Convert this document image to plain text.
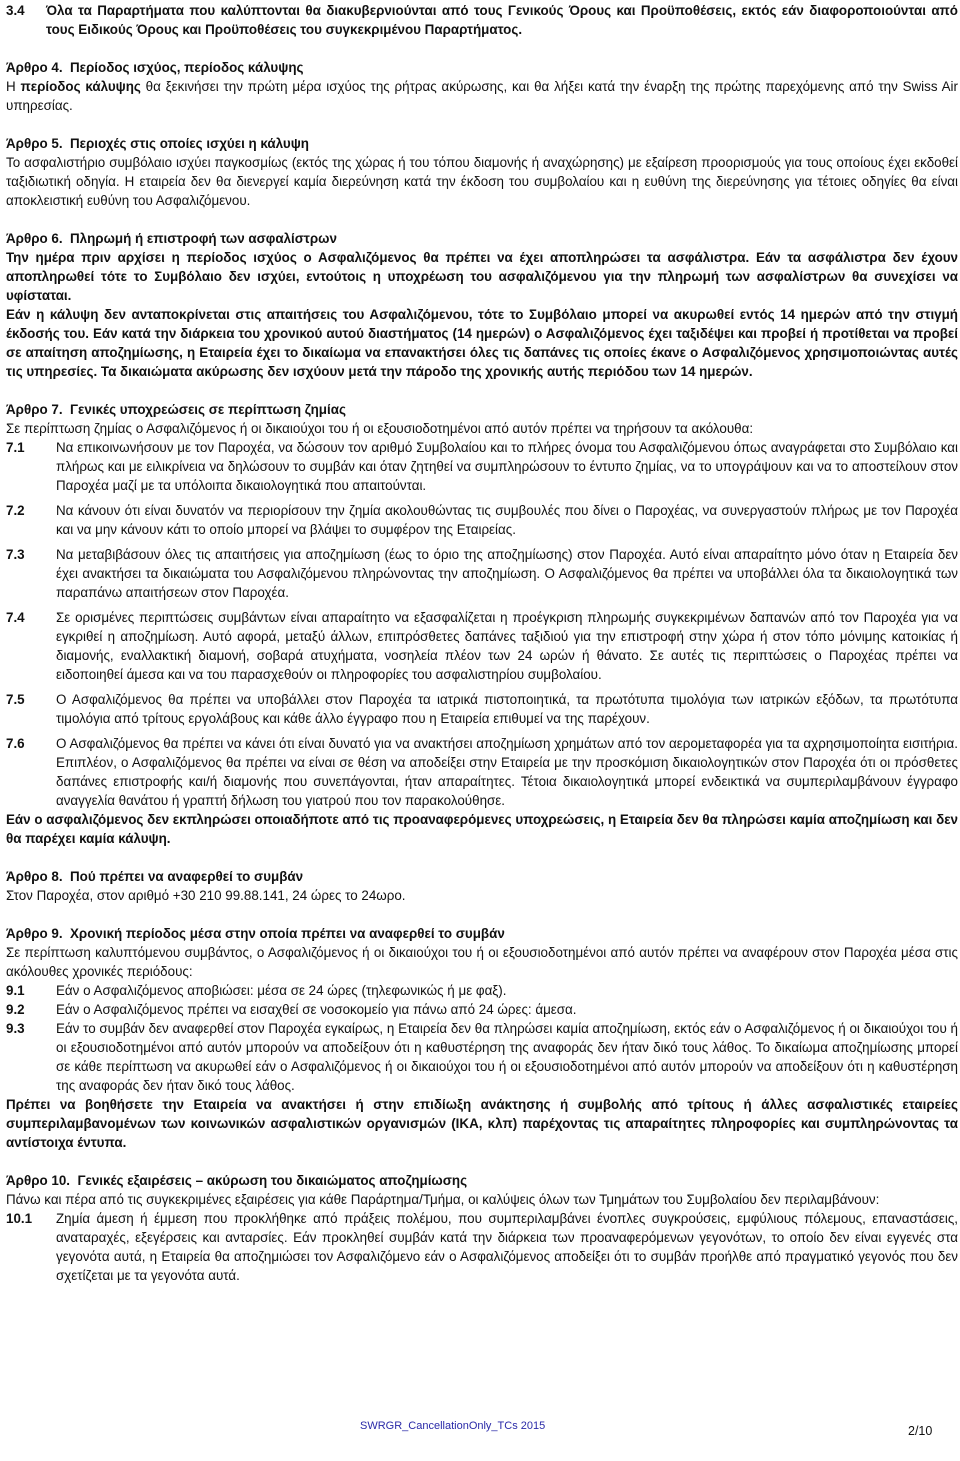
3.4	Όλα τα Παραρτήματα που καλύπτονται θα διακυβερνιούνται από τους Γενικούς Όρους και Προϋποθέσεις, εκτός εάν διαφοροποιούνται από τους Ειδικούς Όρους και Προϋποθέσεις του συγκεκριμένου Παραρτήματος.

Άρθρο 4. Περίοδος ισχύος, περίοδος κάλυψης

Η περίοδος κάλυψης θα ξεκινήσει την πρώτη μέρα ισχύος της ρήτρας ακύρωσης, και θα λήξει κατά την έναρξη της πρώτης παρεχόμενης από την Swiss Air υπηρεσίας.

Άρθρο 5. Περιοχές στις οποίες ισχύει η κάλυψη

Το ασφαλιστήριο συμβόλαιο ισχύει παγκοσμίως (εκτός της χώρας ή του τόπου διαμονής ή αναχώρησης) με εξαίρεση προορισμούς για τους οποίους έχει εκδοθεί ταξιδιωτική οδηγία. Η εταιρεία δεν θα διενεργεί καμία διερεύνηση κατά την έκδοση του συμβολαίου και η ευθύνη της διερεύνησης για τέτοιες οδηγίες θα είναι αποκλειστική ευθύνη του Ασφαλιζόμενου.

Άρθρο 6. Πληρωμή ή επιστροφή των ασφαλίστρων

Την ημέρα πριν αρχίσει η περίοδος ισχύος ο Ασφαλιζόμενος θα πρέπει να έχει αποπληρώσει τα ασφάλιστρα. Εάν τα ασφάλιστρα δεν έχουν αποπληρωθεί τότε το Συμβόλαιο δεν ισχύει, εντούτοις η υποχρέωση του ασφαλιζόμενου για την πληρωμή των ασφαλίστρων θα συνεχίσει να υφίσταται.

Εάν η κάλυψη δεν ανταποκρίνεται στις απαιτήσεις του Ασφαλιζόμενου, τότε το Συμβόλαιο μπορεί να ακυρωθεί εντός 14 ημερών από την στιγμή έκδοσής του. Εάν κατά την διάρκεια του χρονικού αυτού διαστήματος (14 ημερών) ο Ασφαλιζόμενος έχει ταξιδέψει και προβεί ή προτίθεται να προβεί σε απαίτηση αποζημίωσης, η Εταιρεία έχει το δικαίωμα να επανακτήσει όλες τις δαπάνες τις οποίες έκανε ο Ασφαλιζόμενος χρησιμοποιώντας αυτές τις υπηρεσίες. Τα δικαιώματα ακύρωσης δεν ισχύουν μετά την πάροδο της χρονικής αυτής περιόδου των 14 ημερών.

Άρθρο 7. Γενικές υποχρεώσεις σε περίπτωση ζημίας

Σε περίπτωση ζημίας ο Ασφαλιζόμενος ή οι δικαιούχοι του ή οι εξουσιοδοτημένοι από αυτόν πρέπει να τηρήσουν τα ακόλουθα:

7.1	Να επικοινωνήσουν με τον Παροχέα, να δώσουν τον αριθμό Συμβολαίου και το πλήρες όνομα του Ασφαλιζόμενου όπως αναγράφεται στο Συμβόλαιο και πλήρως και με ειλικρίνεια να δηλώσουν το συμβάν και όταν ζητηθεί να συμπληρώσουν το έντυπο ζημίας, να το υπογράψουν και να το αποστείλουν στον Παροχέα μαζί με τα υπόλοιπα δικαιολογητικά που απαιτούνται.
7.2	Να κάνουν ότι είναι δυνατόν να περιορίσουν την ζημία ακολουθώντας τις συμβουλές που δίνει ο Παροχέας, να συνεργαστούν πλήρως με τον Παροχέα και να μην κάνουν κάτι το οποίο μπορεί να βλάψει το συμφέρον της Εταιρείας.
7.3	Να μεταβιβάσουν όλες τις απαιτήσεις για αποζημίωση (έως το όριο της αποζημίωσης) στον Παροχέα. Αυτό είναι απαραίτητο μόνο όταν η Εταιρεία δεν έχει ανακτήσει τα δικαιώματα του Ασφαλιζόμενου πληρώνοντας την αποζημίωση. Ο Ασφαλιζόμενος θα πρέπει να υποβάλλει όλα τα δικαιολογητικά των παραπάνω απαιτήσεων στον Παροχέα.
7.4	Σε ορισμένες περιπτώσεις συμβάντων είναι απαραίτητο να εξασφαλίζεται η προέγκριση πληρωμής συγκεκριμένων δαπανών από τον Παροχέα για να εγκριθεί η αποζημίωση. Αυτό αφορά, μεταξύ άλλων, επιπρόσθετες δαπάνες ταξιδιού για την επιστροφή στην χώρα ή στον τόπο μόνιμης κατοικίας ή διαμονής, εναλλακτική διαμονή, σοβαρά ατυχήματα, νοσηλεία πλέον των 24 ωρών ή θάνατο. Σε αυτές τις περιπτώσεις ο Παροχέας πρέπει να ειδοποιηθεί άμεσα και να του παρασχεθούν οι πληροφορίες του ασφαλιστηρίου συμβολαίου.
7.5	Ο Ασφαλιζόμενος θα πρέπει να υποβάλλει στον Παροχέα τα ιατρικά πιστοποιητικά, τα πρωτότυπα τιμολόγια των ιατρικών εξόδων, τα πρωτότυπα τιμολόγια από τρίτους εργολάβους και κάθε άλλο έγγραφο που η Εταιρεία επιθυμεί να της παρέχουν.
7.6	Ο Ασφαλιζόμενος θα πρέπει να κάνει ότι είναι δυνατό για να ανακτήσει αποζημίωση χρημάτων από τον αερομεταφορέα για τα αχρησιμοποίητα εισιτήρια. Επιπλέον, ο Ασφαλιζόμενος θα πρέπει να είναι σε θέση να αποδείξει στην Εταιρεία με την προσκόμιση δικαιολογητικών στον Παροχέα ότι οι πρόσθετες δαπάνες επιστροφής και/ή διαμονής που συνεπάγονται, ήταν απαραίτητες. Τέτοια δικαιολογητικά μπορεί ενδεικτικά να συμπεριλαμβάνουν έγγραφο αναγγελία θανάτου ή γραπτή δήλωση του γιατρού που τον παρακολούθησε.

Εάν ο ασφαλιζόμενος δεν εκπληρώσει οποιαδήποτε από τις προαναφερόμενες υποχρεώσεις, η Εταιρεία δεν θα πληρώσει καμία αποζημίωση και δεν θα παρέχει καμία κάλυψη.

Άρθρο 8. Πού πρέπει να αναφερθεί το συμβάν

Στον Παροχέα, στον αριθμό +30 210 99.88.141, 24 ώρες το 24ωρο.

Άρθρο 9. Χρονική περίοδος μέσα στην οποία πρέπει να αναφερθεί το συμβάν

Σε περίπτωση καλυπτόμενου συμβάντος, ο Ασφαλιζόμενος ή οι δικαιούχοι του ή οι εξουσιοδοτημένοι από αυτόν πρέπει να αναφέρουν στον Παροχέα μέσα στις ακόλουθες χρονικές περιόδους:

9.1	Εάν ο Ασφαλιζόμενος αποβιώσει: μέσα σε 24 ώρες (τηλεφωνικώς ή με φαξ).
9.2	Εάν ο Ασφαλιζόμενος πρέπει να εισαχθεί σε νοσοκομείο για πάνω από 24 ώρες: άμεσα.
9.3	Εάν το συμβάν δεν αναφερθεί στον Παροχέα εγκαίρως, η Εταιρεία δεν θα πληρώσει καμία αποζημίωση, εκτός εάν ο Ασφαλιζόμενος ή οι δικαιούχοι του ή οι εξουσιοδοτημένοι από αυτόν μπορούν να αποδείξουν ότι η καθυστέρηση της αναφοράς δεν ήταν δικό τους λάθος. Το δικαίωμα αποζημίωσης μπορεί σε κάθε περίπτωση να ακυρωθεί εάν ο Ασφαλιζόμενος ή οι δικαιούχοι του ή οι εξουσιοδοτημένοι από αυτόν μπορούν να αποδείξουν ότι η καθυστέρηση της αναφοράς δεν ήταν δικό τους λάθος.

Πρέπει να βοηθήσετε την Εταιρεία να ανακτήσει ή στην επιδίωξη ανάκτησης ή συμβολής από τρίτους ή άλλες ασφαλιστικές εταιρείες συμπεριλαμβανομένων των κοινωνικών ασφαλιστικών οργανισμών (ΙΚΑ, κλπ) παρέχοντας τις απαραίτητες πληροφορίες και συμπληρώνοντας τα αντίστοιχα έντυπα.

Άρθρο 10. Γενικές εξαιρέσεις – ακύρωση του δικαιώματος αποζημίωσης

Πάνω και πέρα από τις συγκεκριμένες εξαιρέσεις για κάθε Παράρτημα/Τμήμα, οι καλύψεις όλων των Τμημάτων του Συμβολαίου δεν περιλαμβάνουν:

10.1	Ζημία άμεση ή έμμεση που προκλήθηκε από πράξεις πολέμου, που συμπεριλαμβάνει ένοπλες συγκρούσεις, εμφύλιους πόλεμους, επαναστάσεις, αναταραχές, εξεγέρσεις και ανταρσίες. Εάν προκληθεί συμβάν κατά την διάρκεια των προαναφερόμενων γεγονότων, το οποίο δεν είναι εγγενές στα γεγονότα αυτά, η Εταιρεία θα αποζημιώσει τον Ασφαλιζόμενο εάν ο Ασφαλιζόμενος αποδείξει ότι το συμβάν προήλθε από πραγματικό γεγονός που δεν σχετίζεται με τα γεγονότα αυτά.
SWRGR_CancellationOnly_TCs 2015	2/10
